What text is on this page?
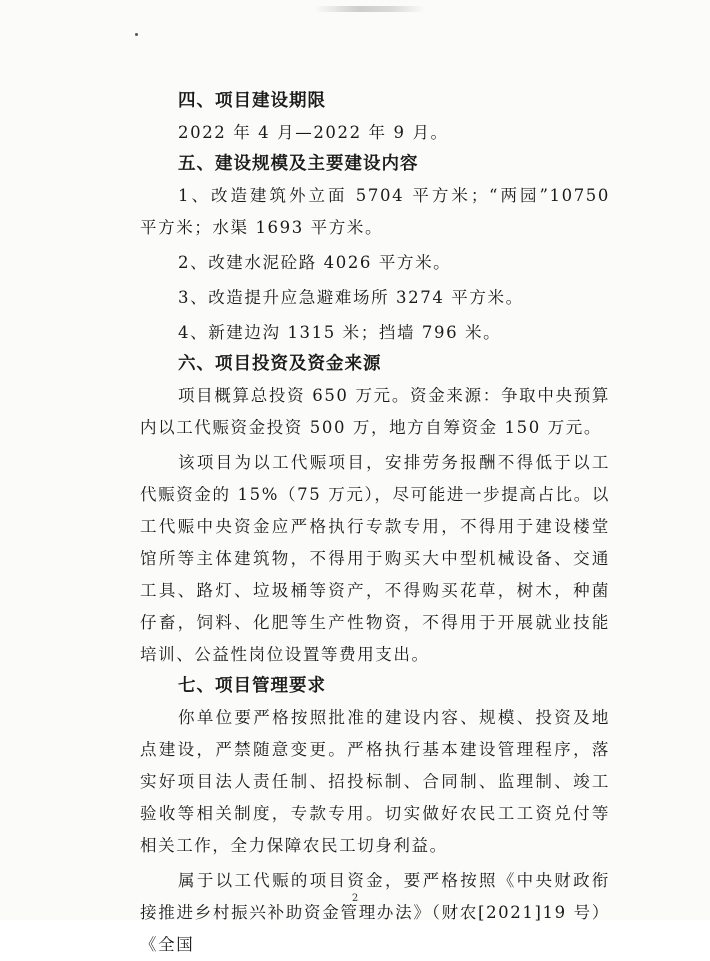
四、项目建设期限

2022 年 4 月—2022 年 9 月。

五、建设规模及主要建设内容

1、改造建筑外立面 5704 平方米；“两园”10750 平方米；水渠 1693 平方米。

2、改建水泥砼路 4026 平方米。

3、改造提升应急避难场所 3274 平方米。

4、新建边沟 1315 米；挡墙 796 米。

六、项目投资及资金来源

项目概算总投资 650 万元。资金来源：争取中央预算内以工代赈资金投资 500 万，地方自筹资金 150 万元。

该项目为以工代赈项目，安排劳务报酬不得低于以工代赈资金的 15%（75 万元），尽可能进一步提高占比。以工代赈中央资金应严格执行专款专用，不得用于建设楼堂馆所等主体建筑物，不得用于购买大中型机械设备、交通工具、路灯、垃圾桶等资产，不得购买花草，树木，种菌仔畜，饲料、化肥等生产性物资，不得用于开展就业技能培训、公益性岗位设置等费用支出。

七、项目管理要求

你单位要严格按照批准的建设内容、规模、投资及地点建设，严禁随意变更。严格执行基本建设管理程序，落实好项目法人责任制、招投标制、合同制、监理制、竣工验收等相关制度，专款专用。切实做好农民工工资兑付等相关工作，全力保障农民工切身利益。

属于以工代赈的项目资金，要严格按照《中央财政衔接推进乡村振兴补助资金管理办法》（财农[2021]19 号）《全国

2
